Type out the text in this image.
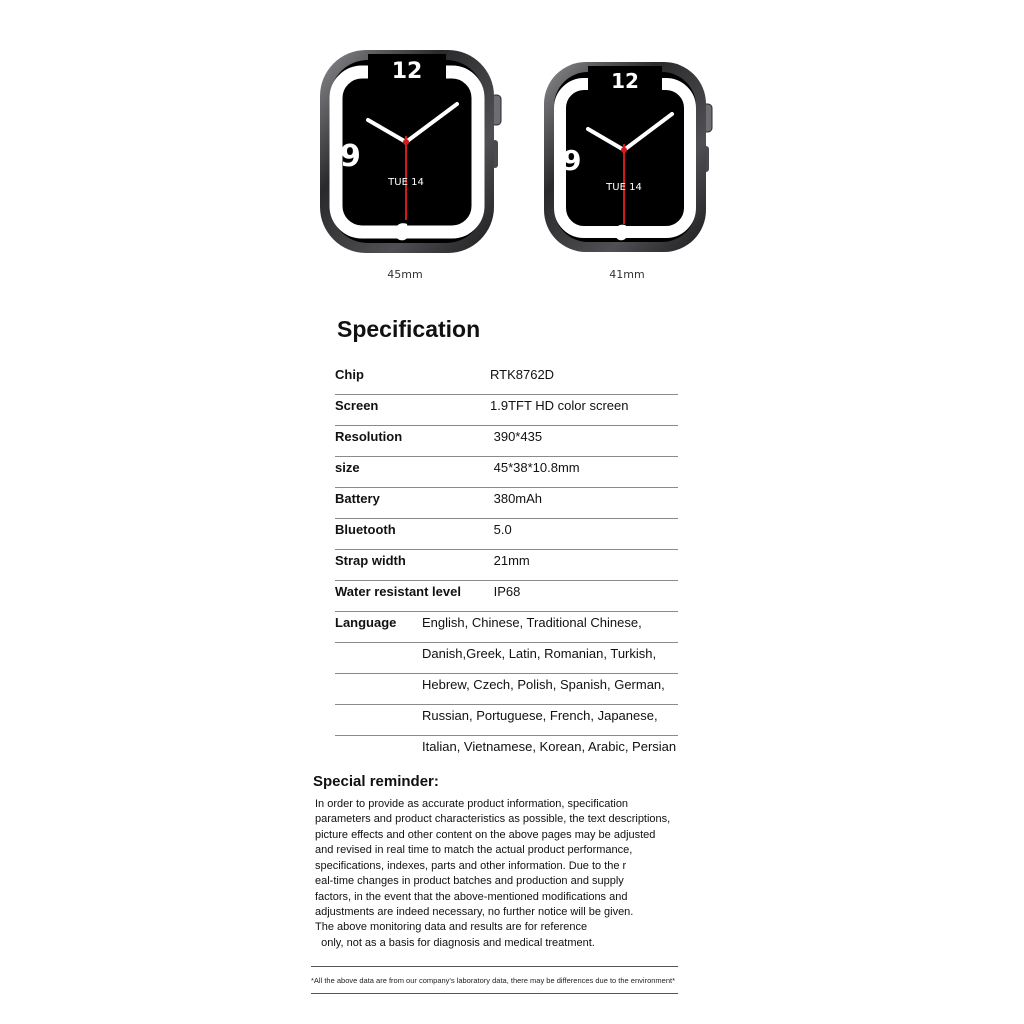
12
9
6
TUE 14
45mm
12
9
6
TUE 14
41mm
Specification
Chip	RTK8762D
Screen	1.9TFT HD color screen
Resolution	390*435
size	45*38*10.8mm
Battery	380mAh
Bluetooth	5.0
Strap width	21mm
Water resistant level IP68
Language English, Chinese, Traditional Chinese,
Danish,Greek, Latin, Romanian, Turkish,
Hebrew, Czech, Polish, Spanish, German,
Russian, Portuguese, French, Japanese,
Italian, Vietnamese, Korean, Arabic, Persian
Special reminder:
In order to provide as accurate product information, specification
parameters and product characteristics as possible, the text descriptions,
picture effects and other content on the above pages may be adjusted
and revised in real time to match the actual product performance,
specifications, indexes, parts and other information. Due to the r
eal-time changes in product batches and production and supply
factors, in the event that the above-mentioned modifications and
adjustments are indeed necessary, no further notice will be given.
The above monitoring data and results are for reference
only, not as a basis for diagnosis and medical treatment.
*All the above data are from our company's laboratory data, there may be differences due to the environment*
